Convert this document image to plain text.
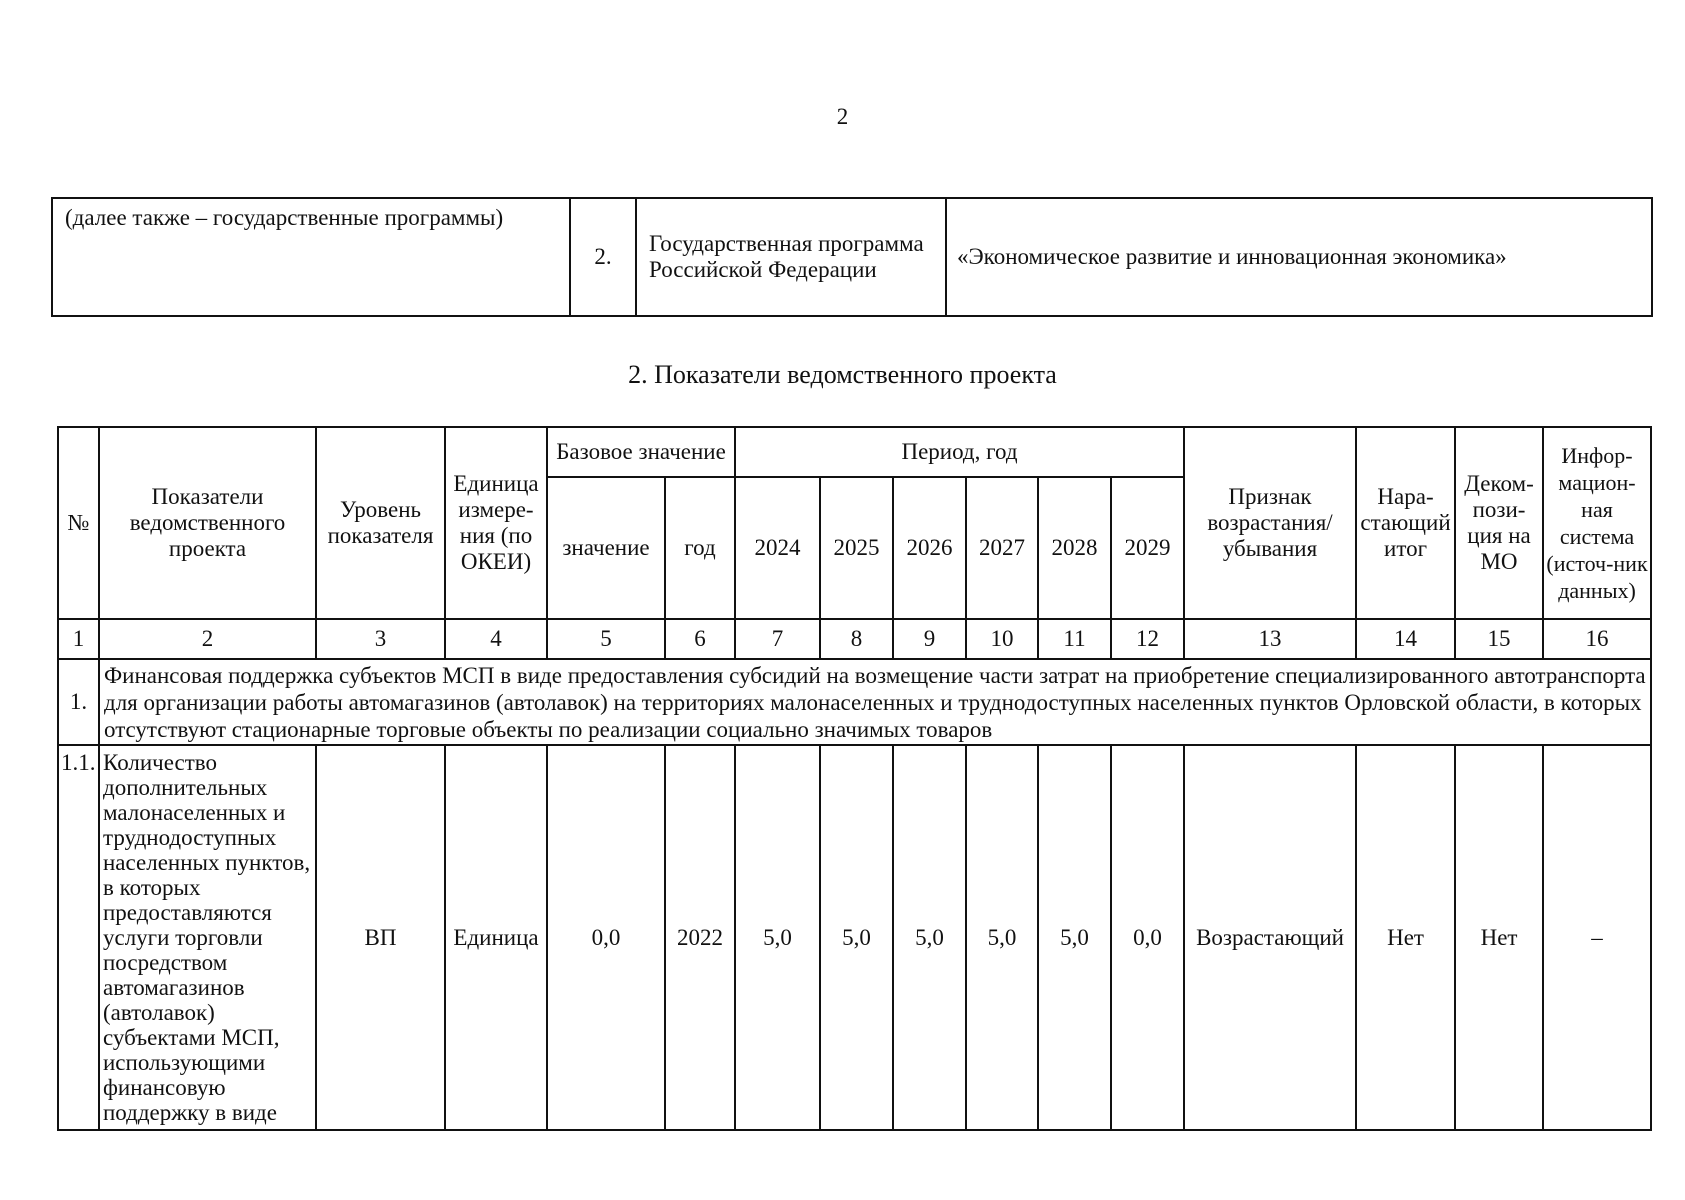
2
(далее также – государственные программы)	2.	Государственная программа Российской Федерации	«Экономическое развитие и инновационная экономика»
2. Показатели ведомственного проекта
№	Показатели ведомственного проекта	Уровень показателя	Единица измере-ния (по ОКЕИ)	Базовое значение		Период, год						Признак возрастания/ убывания	Нара-стающий итог	Деком-пози-ция на МО	Инфор-мацион-ная система (источ-ник данных)
				значение	год	2024	2025	2026	2027	2028	2029				
1	2	3	4	5	6	7	8	9	10	11	12	13	14	15	16
1.	Финансовая поддержка субъектов МСП в виде предоставления субсидий на возмещение части затрат на приобретение специализированного автотранспорта для организации работы автомагазинов (автолавок) на территориях малонаселенных и труднодоступных населенных пунктов Орловской области, в которых отсутствуют стационарные торговые объекты по реализации социально значимых товаров														
1.1.	Количество дополнительных малонаселенных и труднодоступных населенных пунктов, в которых предоставляются услуги торговли посредством автомагазинов (автолавок) субъектами МСП, использующими финансовую поддержку в виде	ВП	Единица	0,0	2022	5,0	5,0	5,0	5,0	5,0	0,0	Возрастающий	Нет	Нет	–
